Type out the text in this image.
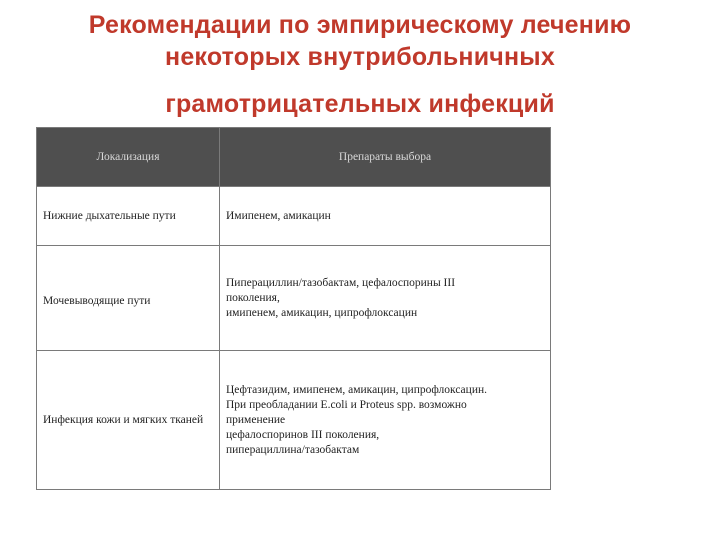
Рекомендации по эмпирическому лечению
некоторых внутрибольничных
грамотрицательных инфекций
Локализация	Препараты выбора
Нижние дыхательные пути	Имипенем, амикацин

Мочевыводящие пути	Пиперациллин/тазобактам, цефалоспорины III
поколения,
имипенем, амикацин, ципрофлоксацин

Инфекция кожи и мягких тканей	Цефтазидим, имипенем, амикацин, ципрофлоксацин.
При преобладании E.coli и Proteus spp. возможно
применение
цефалоспоринов III поколения,
пиперациллина/тазобактам
